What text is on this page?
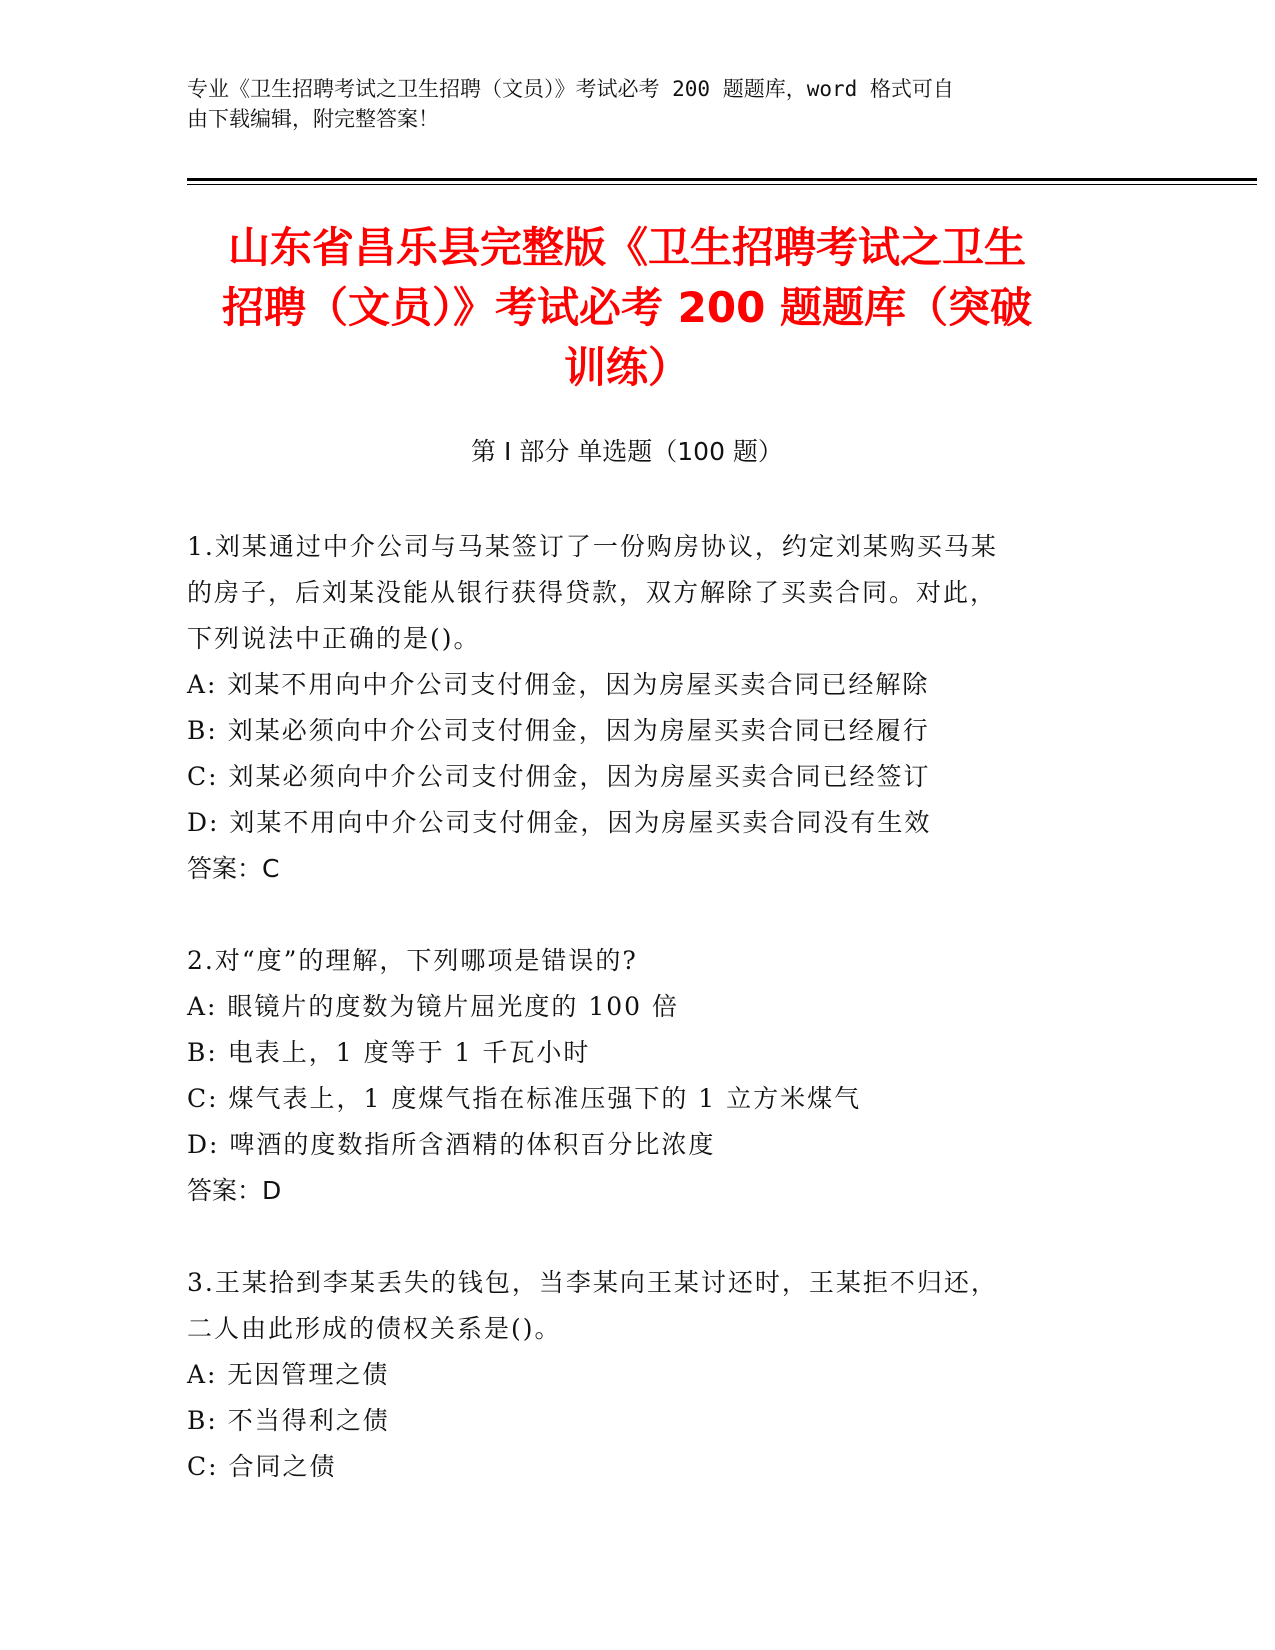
专业《卫生招聘考试之卫生招聘（文员）》考试必考 200 题题库，word 格式可自
由下载编辑，附完整答案！
山东省昌乐县完整版《卫生招聘考试之卫生
招聘（文员）》考试必考 200 题题库（突破
训练）
第 I 部分 单选题（100 题）
1.刘某通过中介公司与马某签订了一份购房协议，约定刘某购买马某
的房子，后刘某没能从银行获得贷款，双方解除了买卖合同。对此，
下列说法中正确的是()。
A: 刘某不用向中介公司支付佣金，因为房屋买卖合同已经解除
B: 刘某必须向中介公司支付佣金，因为房屋买卖合同已经履行
C: 刘某必须向中介公司支付佣金，因为房屋买卖合同已经签订
D: 刘某不用向中介公司支付佣金，因为房屋买卖合同没有生效
答案：C
2.对“度”的理解，下列哪项是错误的?
A: 眼镜片的度数为镜片屈光度的 100 倍
B: 电表上，1 度等于 1 千瓦小时
C: 煤气表上，1 度煤气指在标准压强下的 1 立方米煤气
D: 啤酒的度数指所含酒精的体积百分比浓度
答案：D
3.王某拾到李某丢失的钱包，当李某向王某讨还时，王某拒不归还，
二人由此形成的债权关系是()。
A: 无因管理之债
B: 不当得利之债
C: 合同之债
